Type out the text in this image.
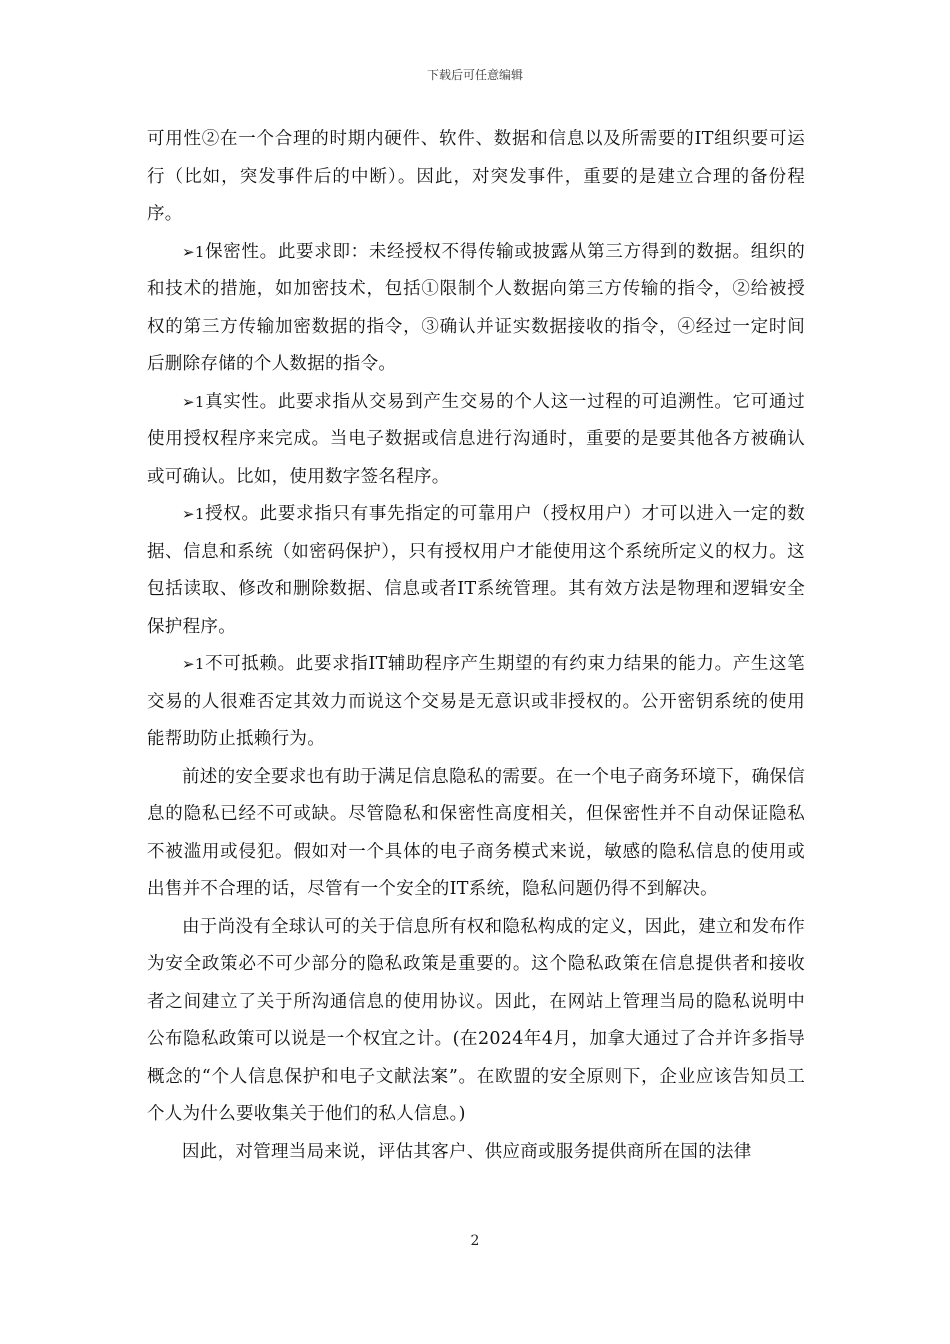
下载后可任意编辑

可用性②在一个合理的时期内硬件、软件、数据和信息以及所需要的IT组织要可运行（比如，突发事件后的中断）。因此，对突发事件，重要的是建立合理的备份程序。

➢1保密性。此要求即：未经授权不得传输或披露从第三方得到的数据。组织的和技术的措施，如加密技术，包括①限制个人数据向第三方传输的指令，②给被授权的第三方传输加密数据的指令，③确认并证实数据接收的指令，④经过一定时间后删除存储的个人数据的指令。

➢1真实性。此要求指从交易到产生交易的个人这一过程的可追溯性。它可通过使用授权程序来完成。当电子数据或信息进行沟通时，重要的是要其他各方被确认或可确认。比如，使用数字签名程序。

➢1授权。此要求指只有事先指定的可靠用户（授权用户）才可以进入一定的数据、信息和系统（如密码保护），只有授权用户才能使用这个系统所定义的权力。这包括读取、修改和删除数据、信息或者IT系统管理。其有效方法是物理和逻辑安全保护程序。

➢1不可抵赖。此要求指IT辅助程序产生期望的有约束力结果的能力。产生这笔交易的人很难否定其效力而说这个交易是无意识或非授权的。公开密钥系统的使用能帮助防止抵赖行为。

前述的安全要求也有助于满足信息隐私的需要。在一个电子商务环境下，确保信息的隐私已经不可或缺。尽管隐私和保密性高度相关，但保密性并不自动保证隐私不被滥用或侵犯。假如对一个具体的电子商务模式来说，敏感的隐私信息的使用或出售并不合理的话，尽管有一个安全的IT系统，隐私问题仍得不到解决。

由于尚没有全球认可的关于信息所有权和隐私构成的定义，因此，建立和发布作为安全政策必不可少部分的隐私政策是重要的。这个隐私政策在信息提供者和接收者之间建立了关于所沟通信息的使用协议。因此，在网站上管理当局的隐私说明中公布隐私政策可以说是一个权宜之计。(在2024年4月，加拿大通过了合并许多指导概念的“个人信息保护和电子文献法案”。在欧盟的安全原则下，企业应该告知员工个人为什么要收集关于他们的私人信息。)

因此，对管理当局来说，评估其客户、供应商或服务提供商所在国的法律

2
